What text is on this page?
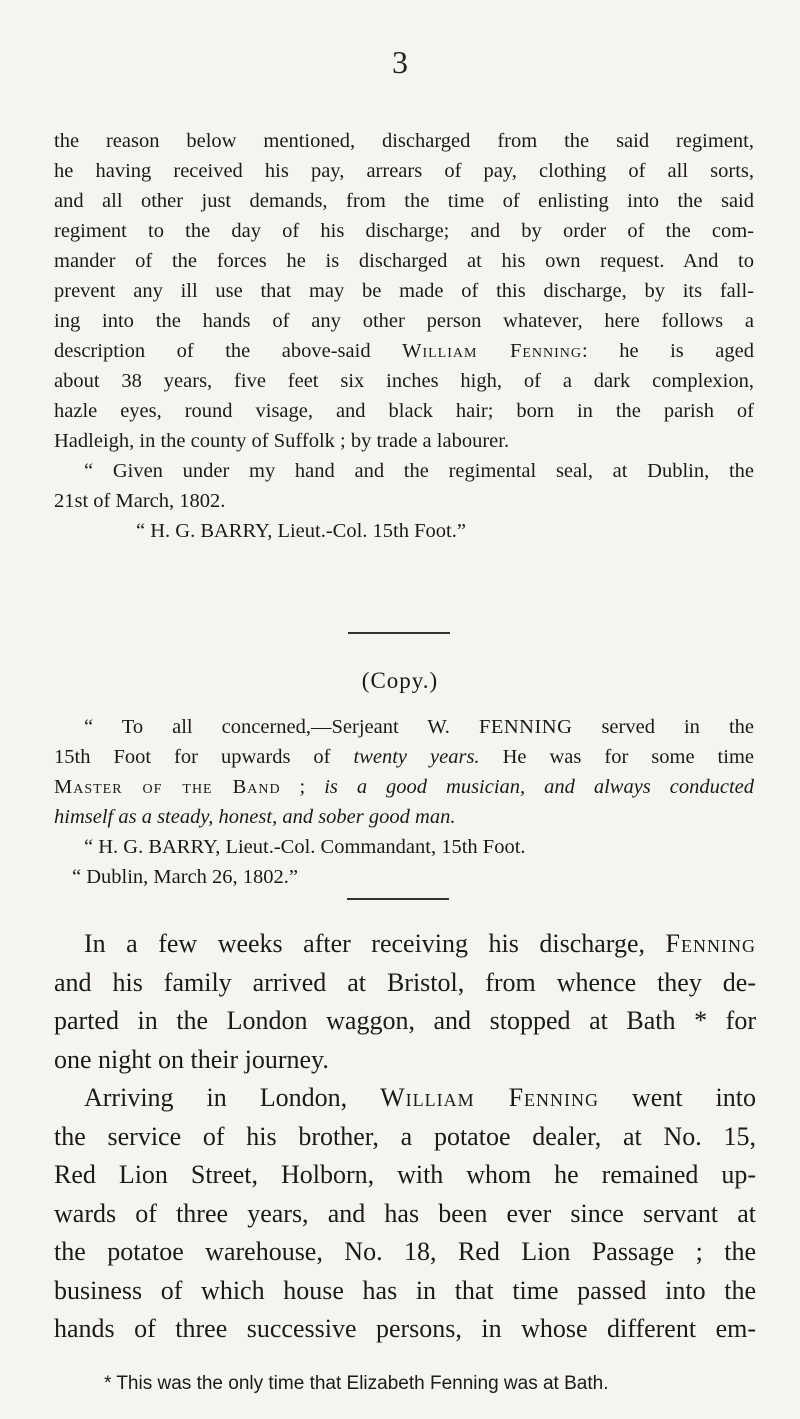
3
the reason below mentioned, discharged from the said regiment,
he having received his pay, arrears of pay, clothing of all sorts,
and all other just demands, from the time of enlisting into the said
regiment to the day of his discharge; and by order of the com-
mander of the forces he is discharged at his own request. And to
prevent any ill use that may be made of this discharge, by its fall-
ing into the hands of any other person whatever, here follows a
description of the above-said William Fenning: he is aged
about 38 years, five feet six inches high, of a dark complexion,
hazle eyes, round visage, and black hair; born in the parish of
Hadleigh, in the county of Suffolk ; by trade a labourer.
“ Given under my hand and the regimental seal, at Dublin, the
21st of March, 1802.
“ H. G. BARRY, Lieut.-Col. 15th Foot.”
(Copy.)
“ To all concerned,—Serjeant W. FENNING served in the
15th Foot for upwards of twenty years. He was for some time
Master of the Band ; is a good musician, and always conducted
himself as a steady, honest, and sober good man.
“ H. G. BARRY, Lieut.-Col. Commandant, 15th Foot.
“ Dublin, March 26, 1802.”
In a few weeks after receiving his discharge, Fenning
and his family arrived at Bristol, from whence they de-
parted in the London waggon, and stopped at Bath * for
one night on their journey.
Arriving in London, William Fenning went into
the service of his brother, a potatoe dealer, at No. 15,
Red Lion Street, Holborn, with whom he remained up-
wards of three years, and has been ever since servant at
the potatoe warehouse, No. 18, Red Lion Passage ; the
business of which house has in that time passed into the
hands of three successive persons, in whose different em-
* This was the only time that Elizabeth Fenning was at Bath.
